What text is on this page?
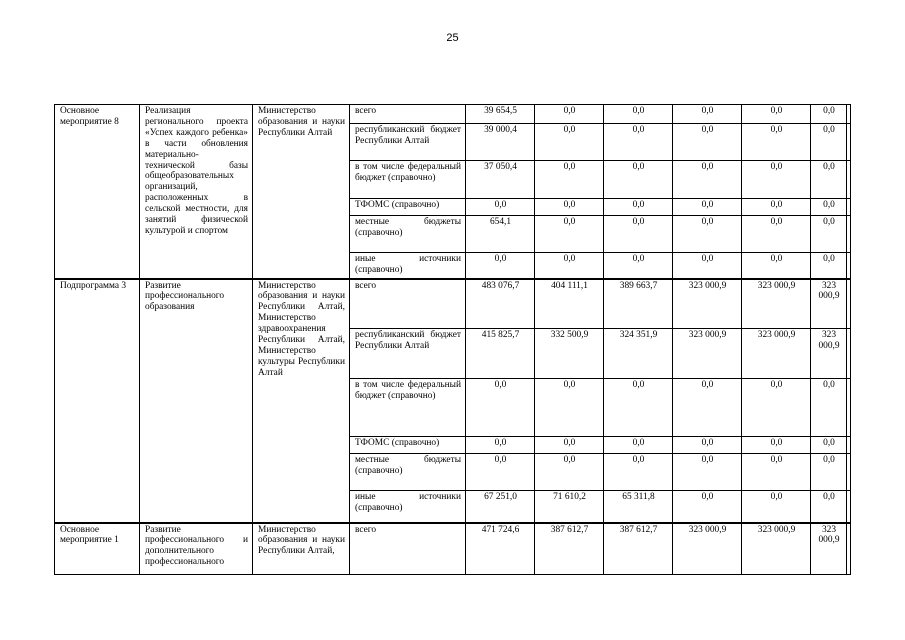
25
Основное мероприятие 8	Реализация регионального проекта «Успех каждого ребенка» в части обновления материально-технической базы общеобразовательных организаций, расположенных в сельской местности, для занятий физической культурой и спортом	Министерство образования и науки Республики Алтай	всего	39 654,5	0,0	0,0	0,0	0,0	0,0	
			республиканский бюджет Республики Алтай	39 000,4	0,0	0,0	0,0	0,0	0,0	
			в том числе федеральный бюджет (справочно)	37 050,4	0,0	0,0	0,0	0,0	0,0	
			ТФОМС (справочно)	0,0	0,0	0,0	0,0	0,0	0,0	
			местные бюджеты (справочно)	654,1	0,0	0,0	0,0	0,0	0,0	
			иные источники (справочно)	0,0	0,0	0,0	0,0	0,0	0,0	
Подпрограмма 3	Развитие профессионального образования	Министерство образования и науки Республики Алтай, Министерство здравоохранения Республики Алтай, Министерство культуры Республики Алтай	всего	483 076,7	404 111,1	389 663,7	323 000,9	323 000,9	323 000,9	
			республиканский бюджет Республики Алтай	415 825,7	332 500,9	324 351,9	323 000,9	323 000,9	323 000,9	
			в том числе федеральный бюджет (справочно)	0,0	0,0	0,0	0,0	0,0	0,0	
			ТФОМС (справочно)	0,0	0,0	0,0	0,0	0,0	0,0	
			местные бюджеты (справочно)	0,0	0,0	0,0	0,0	0,0	0,0	
			иные источники (справочно)	67 251,0	71 610,2	65 311,8	0,0	0,0	0,0	
Основное мероприятие 1	Развитие профессионального и дополнительного профессионального	Министерство образования и науки Республики Алтай,	всего	471 724,6	387 612,7	387 612,7	323 000,9	323 000,9	323 000,9	
